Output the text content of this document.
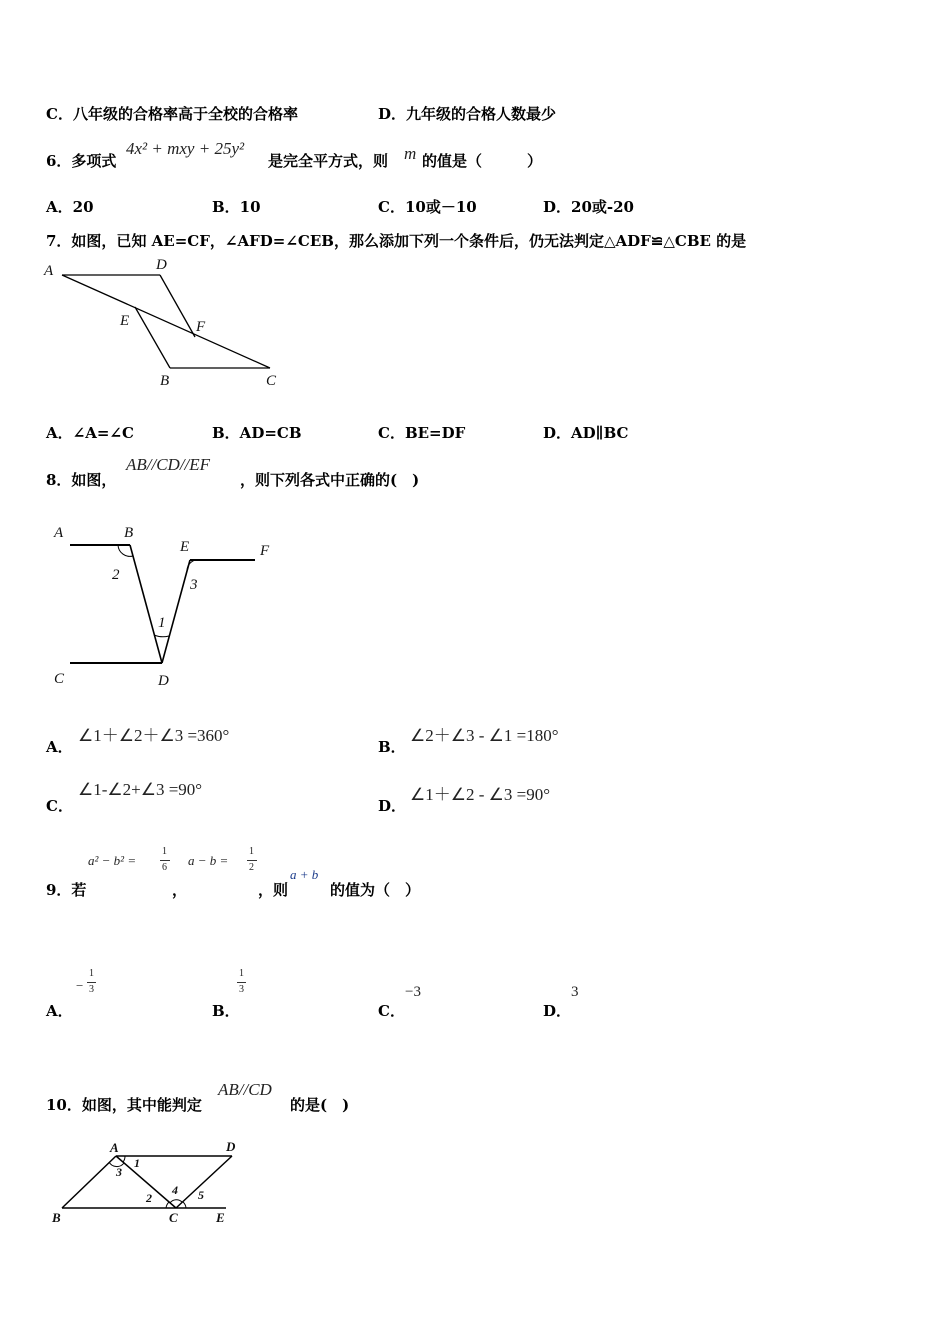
C．八年级的合格率高于全校的合格率	D．九年级的合格人数最少
6．多项式
4x² + mxy + 25y²
是完全平方式，则 m 的值是（　　　）
A．20	B．10	C．10或－10	D．20或-20
7．如图，已知 AE=CF，∠AFD=∠CEB，那么添加下列一个条件后，仍无法判定△ADF≌△CBE 的是
A	D
E	F
B	C
A．∠A=∠C	B．AD=CB	C．BE=DF	D．AD∥BC
8．如图，
AB//CD//EF
，则下列各式中正确的(　)
A	B
E	F
2
3
1
C	D
A．
∠1＋∠2＋∠3 =360°
B．
∠2＋∠3 - ∠1 =180°
C．
∠1-∠2+∠3 =90°
D．
∠1＋∠2 - ∠3 =90°
9．若
a² − b² =
1
6
，
a − b =
1
2
，则
a + b
的值为（　）
A．
−
1
3
B．
1
3
C．
−3
D．
3
10．如图，其中能判定
AB//CD
的是(　)
A	D
3
1
2
4 5
B	C	E
